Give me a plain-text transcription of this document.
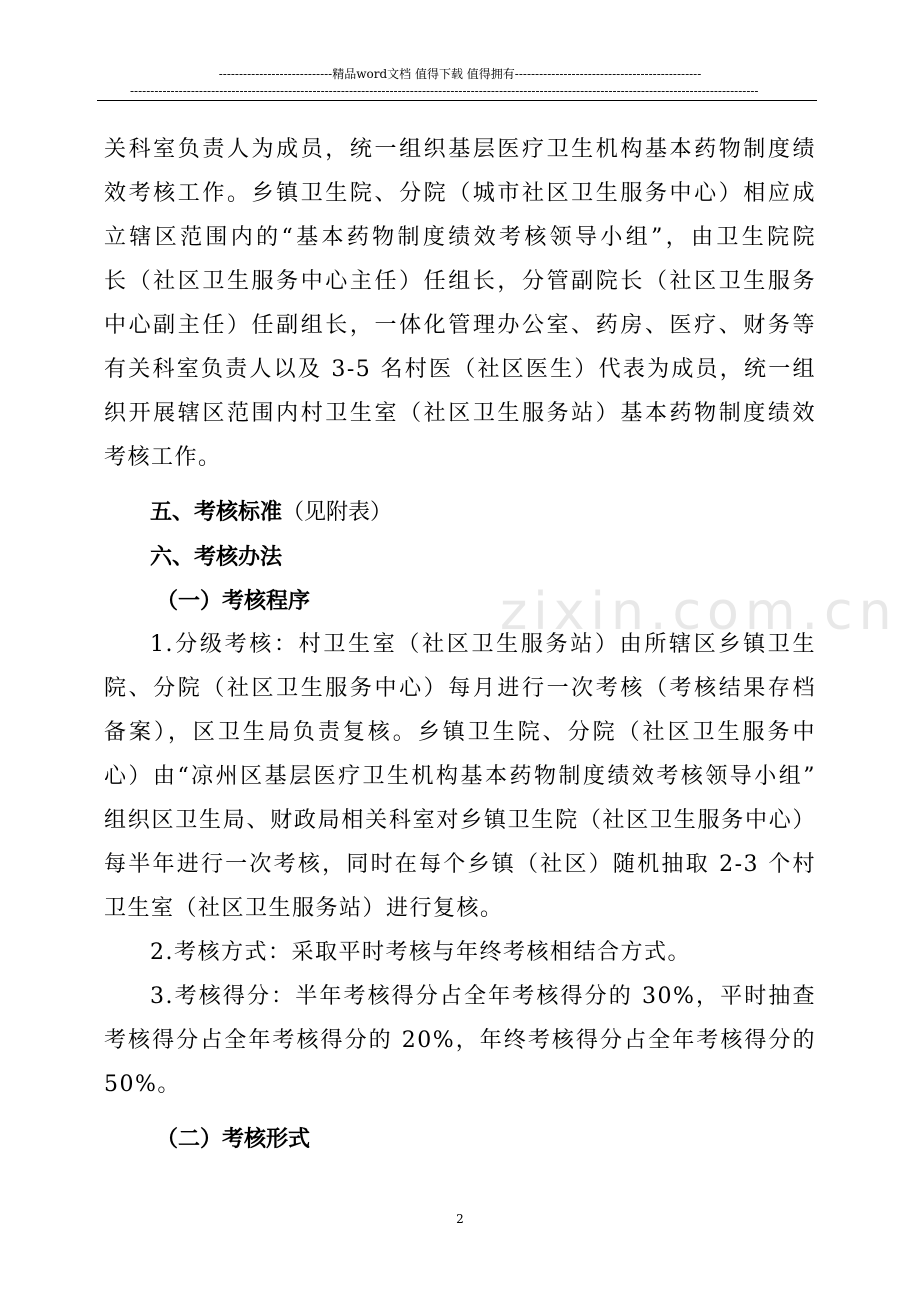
----------------------------精品word文档 值得下载 值得拥有----------------------------------------------
-----------------------------------------------------------------------------------------------------------------------------------------------------------
zixin.com.cn
关科室负责人为成员，统一组织基层医疗卫生机构基本药物制度绩
效考核工作。乡镇卫生院、分院（城市社区卫生服务中心）相应成
立辖区范围内的“基本药物制度绩效考核领导小组”，由卫生院院
长（社区卫生服务中心主任）任组长，分管副院长（社区卫生服务
中心副主任）任副组长，一体化管理办公室、药房、医疗、财务等
有关科室负责人以及 3-5 名村医（社区医生）代表为成员，统一组
织开展辖区范围内村卫生室（社区卫生服务站）基本药物制度绩效
考核工作。
五、考核标准（见附表）
六、考核办法
（一）考核程序
1.分级考核：村卫生室（社区卫生服务站）由所辖区乡镇卫生
院、分院（社区卫生服务中心）每月进行一次考核（考核结果存档
备案），区卫生局负责复核。乡镇卫生院、分院（社区卫生服务中
心）由“凉州区基层医疗卫生机构基本药物制度绩效考核领导小组”
组织区卫生局、财政局相关科室对乡镇卫生院（社区卫生服务中心）
每半年进行一次考核，同时在每个乡镇（社区）随机抽取 2-3 个村
卫生室（社区卫生服务站）进行复核。
2.考核方式：采取平时考核与年终考核相结合方式。
3.考核得分：半年考核得分占全年考核得分的 30%，平时抽查
考核得分占全年考核得分的 20%，年终考核得分占全年考核得分的
50%。
（二）考核形式
2
